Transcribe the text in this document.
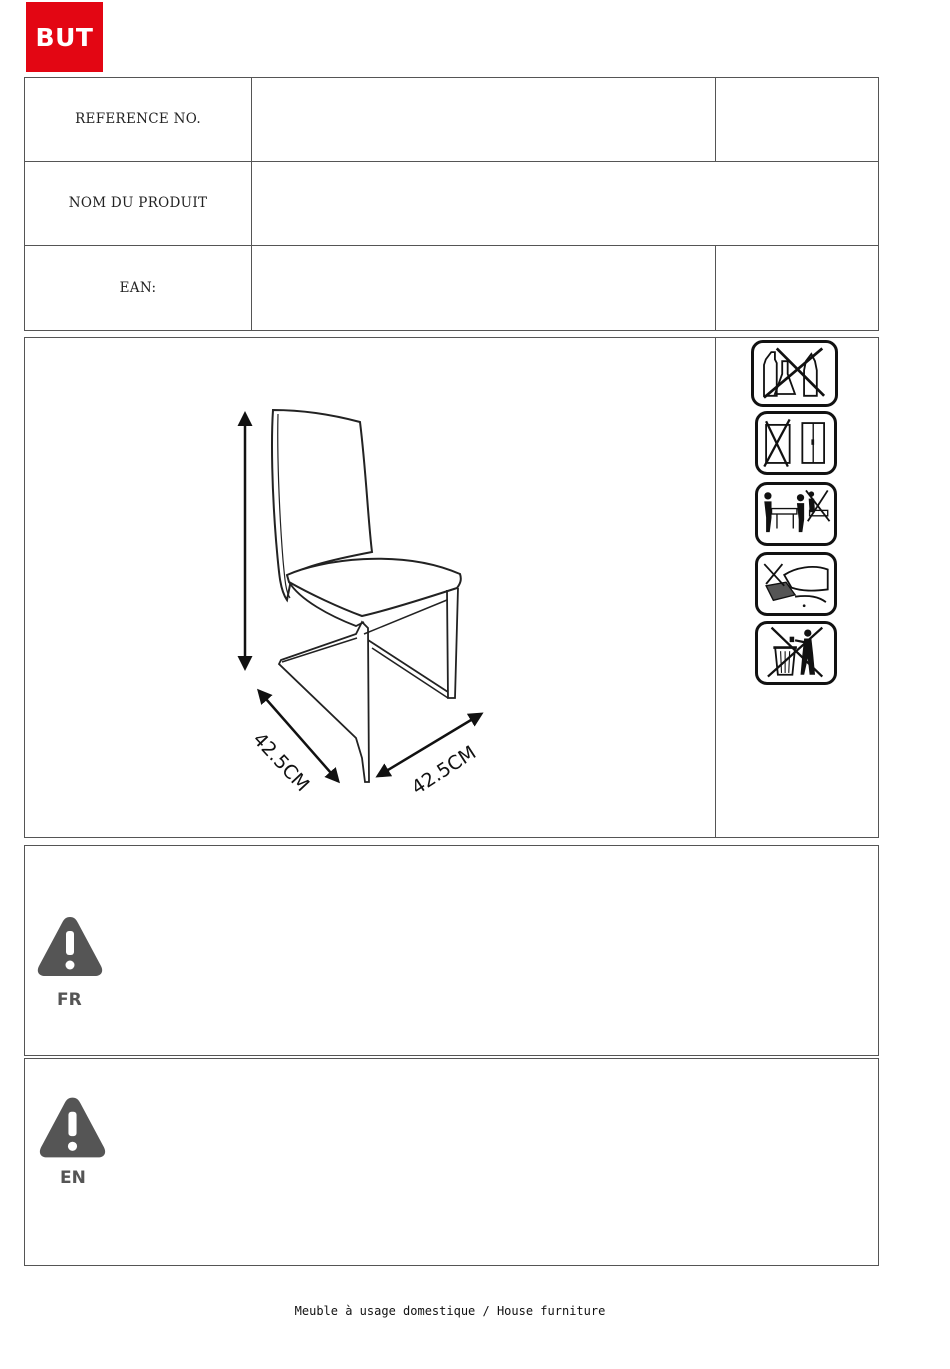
BUT
REFERENCE NO.
NOM DU PRODUIT
EAN:
42.5CM	42.5CM
FR
EN
Meuble à usage domestique / House furniture
